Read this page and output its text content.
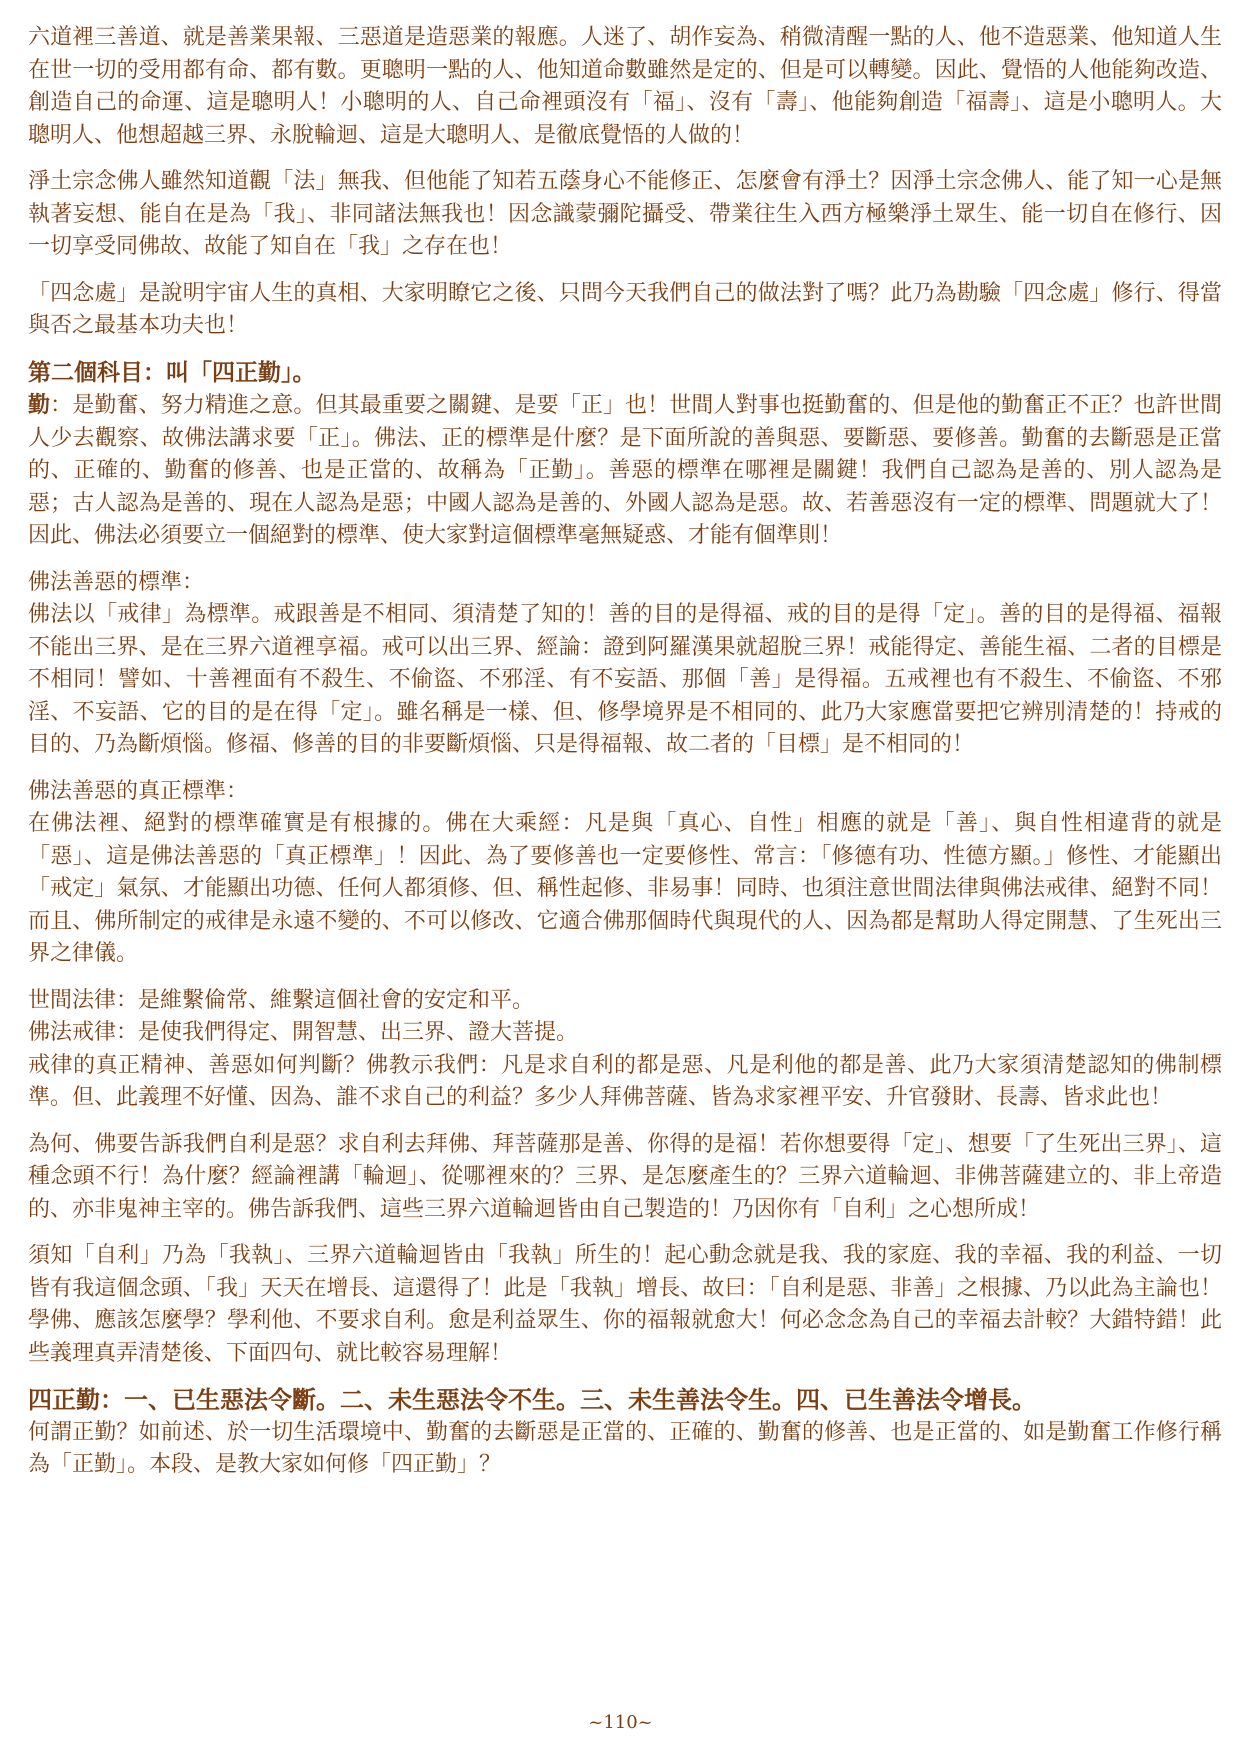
六道裡三善道、就是善業果報、三惡道是造惡業的報應。人迷了、胡作妄為、稍微清醒一點的人、他不造惡業、他知道人生在世一切的受用都有命、都有數。更聰明一點的人、他知道命數雖然是定的、但是可以轉變。因此、覺悟的人他能夠改造、創造自己的命運、這是聰明人！小聰明的人、自己命裡頭沒有「福」、沒有「壽」、他能夠創造「福壽」、這是小聰明人。大聰明人、他想超越三界、永脫輪迴、這是大聰明人、是徹底覺悟的人做的！

淨土宗念佛人雖然知道觀「法」無我、但他能了知若五蔭身心不能修正、怎麼會有淨土？因淨土宗念佛人、能了知一心是無執著妄想、能自在是為「我」、非同諸法無我也！因念識蒙彌陀攝受、帶業往生入西方極樂淨土眾生、能一切自在修行、因一切享受同佛故、故能了知自在「我」之存在也！

「四念處」是說明宇宙人生的真相、大家明瞭它之後、只問今天我們自己的做法對了嗎？此乃為勘驗「四念處」修行、得當與否之最基本功夫也！

第二個科目：叫「四正勤」。

勤：是勤奮、努力精進之意。但其最重要之關鍵、是要「正」也！世間人對事也挺勤奮的、但是他的勤奮正不正？也許世間人少去觀察、故佛法講求要「正」。佛法、正的標準是什麼？是下面所說的善與惡、要斷惡、要修善。勤奮的去斷惡是正當的、正確的、勤奮的修善、也是正當的、故稱為「正勤」。善惡的標準在哪裡是關鍵！我們自己認為是善的、別人認為是惡；古人認為是善的、現在人認為是惡；中國人認為是善的、外國人認為是惡。故、若善惡沒有一定的標準、問題就大了！因此、佛法必須要立一個絕對的標準、使大家對這個標準毫無疑惑、才能有個準則！

佛法善惡的標準：

佛法以「戒律」為標準。戒跟善是不相同、須清楚了知的！善的目的是得福、戒的目的是得「定」。善的目的是得福、福報不能出三界、是在三界六道裡享福。戒可以出三界、經論：證到阿羅漢果就超脫三界！戒能得定、善能生福、二者的目標是不相同！譬如、十善裡面有不殺生、不偷盜、不邪淫、有不妄語、那個「善」是得福。五戒裡也有不殺生、不偷盜、不邪淫、不妄語、它的目的是在得「定」。雖名稱是一樣、但、修學境界是不相同的、此乃大家應當要把它辨別清楚的！持戒的目的、乃為斷煩惱。修福、修善的目的非要斷煩惱、只是得福報、故二者的「目標」是不相同的！

佛法善惡的真正標準：

在佛法裡、絕對的標準確實是有根據的。佛在大乘經：凡是與「真心、自性」相應的就是「善」、與自性相違背的就是「惡」、這是佛法善惡的「真正標準」！因此、為了要修善也一定要修性、常言：「修德有功、性德方顯。」修性、才能顯出「戒定」氣氛、才能顯出功德、任何人都須修、但、稱性起修、非易事！同時、也須注意世間法律與佛法戒律、絕對不同！而且、佛所制定的戒律是永遠不變的、不可以修改、它適合佛那個時代與現代的人、因為都是幫助人得定開慧、了生死出三界之律儀。

世間法律：是維繫倫常、維繫這個社會的安定和平。

佛法戒律：是使我們得定、開智慧、出三界、證大菩提。

戒律的真正精神、善惡如何判斷？佛教示我們：凡是求自利的都是惡、凡是利他的都是善、此乃大家須清楚認知的佛制標準。但、此義理不好懂、因為、誰不求自己的利益？多少人拜佛菩薩、皆為求家裡平安、升官發財、長壽、皆求此也！

為何、佛要告訴我們自利是惡？求自利去拜佛、拜菩薩那是善、你得的是福！若你想要得「定」、想要「了生死出三界」、這種念頭不行！為什麼？經論裡講「輪迴」、從哪裡來的？三界、是怎麼產生的？三界六道輪迴、非佛菩薩建立的、非上帝造的、亦非鬼神主宰的。佛告訴我們、這些三界六道輪迴皆由自己製造的！乃因你有「自利」之心想所成！

須知「自利」乃為「我執」、三界六道輪迴皆由「我執」所生的！起心動念就是我、我的家庭、我的幸福、我的利益、一切皆有我這個念頭、「我」天天在增長、這還得了！此是「我執」增長、故曰：「自利是惡、非善」之根據、乃以此為主論也！學佛、應該怎麼學？學利他、不要求自利。愈是利益眾生、你的福報就愈大！何必念念為自己的幸福去計較？大錯特錯！此些義理真弄清楚後、下面四句、就比較容易理解！

四正勤：一、已生惡法令斷。二、未生惡法令不生。三、未生善法令生。四、已生善法令增長。

何謂正勤？如前述、於一切生活環境中、勤奮的去斷惡是正當的、正確的、勤奮的修善、也是正當的、如是勤奮工作修行稱為「正勤」。本段、是教大家如何修「四正勤」？

~110~
